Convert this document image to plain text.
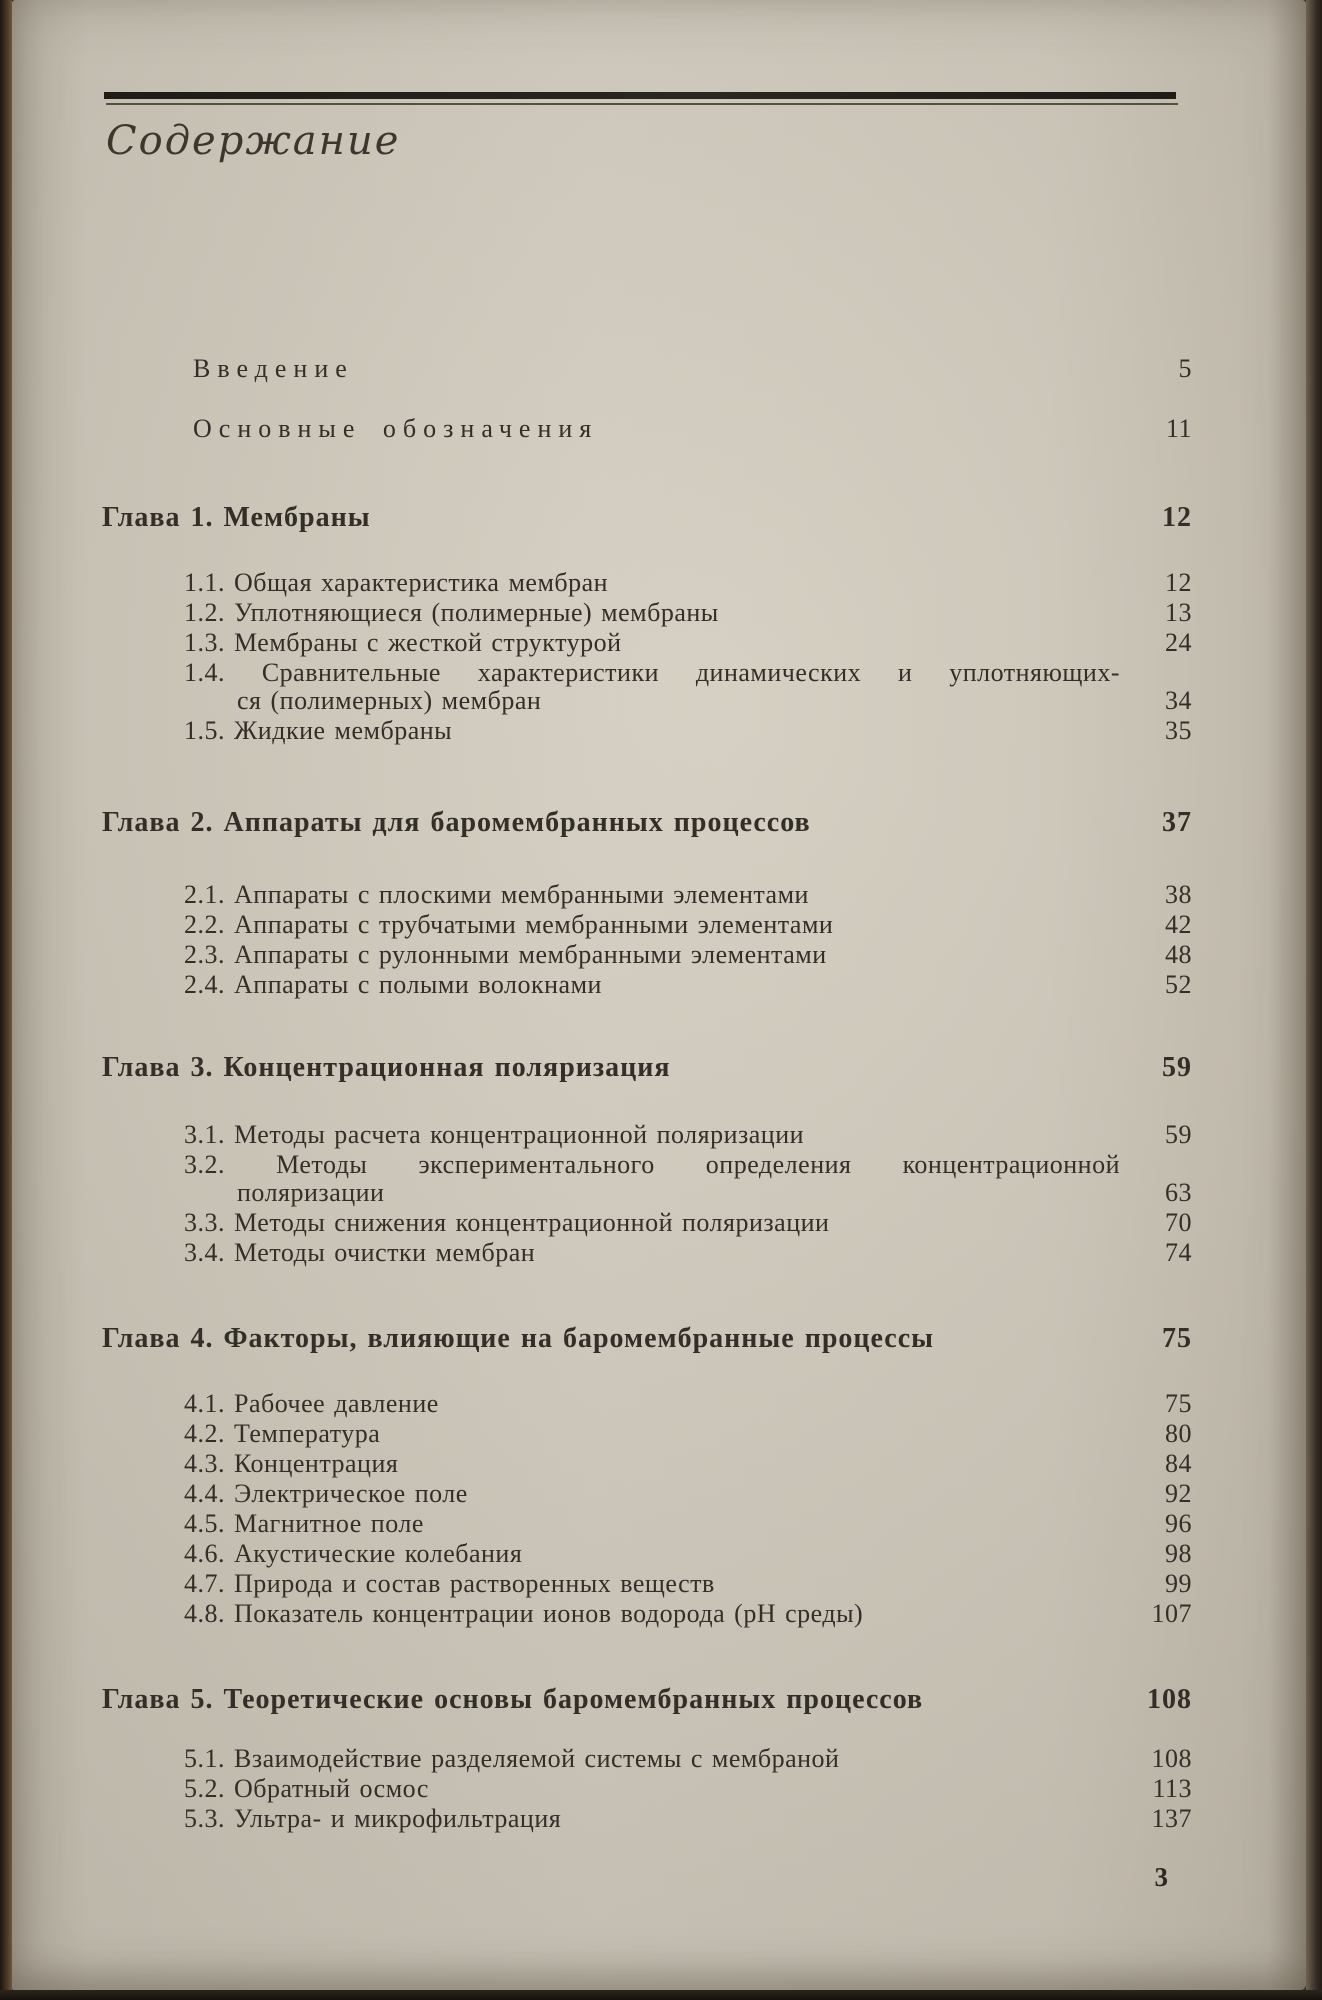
Содержание
Введение	5
Основные обозначения	11
Глава 1. Мембраны	12
1.1. Общая характеристика мембран	12
1.2. Уплотняющиеся (полимерные) мембраны	13
1.3. Мембраны с жесткой структурой	24
1.4. Сравнительные характеристики динамических и уплотняющих-
ся (полимерных) мембран	34
1.5. Жидкие мембраны	35
Глава 2. Аппараты для баромембранных процессов	37
2.1. Аппараты с плоскими мембранными элементами	38
2.2. Аппараты с трубчатыми мембранными элементами	42
2.3. Аппараты с рулонными мембранными элементами	48
2.4. Аппараты с полыми волокнами	52
Глава 3. Концентрационная поляризация	59
3.1. Методы расчета концентрационной поляризации	59
3.2. Методы экспериментального определения концентрационной
поляризации	63
3.3. Методы снижения концентрационной поляризации	70
3.4. Методы очистки мембран	74
Глава 4. Факторы, влияющие на баромембранные процессы	75
4.1. Рабочее давление	75
4.2. Температура	80
4.3. Концентрация	84
4.4. Электрическое поле	92
4.5. Магнитное поле	96
4.6. Акустические колебания	98
4.7. Природа и состав растворенных веществ	99
4.8. Показатель концентрации ионов водорода (pH среды)	107
Глава 5. Теоретические основы баромембранных процессов	108
5.1. Взаимодействие разделяемой системы с мембраной	108
5.2. Обратный осмос	113
5.3. Ультра- и микрофильтрация	137
3
